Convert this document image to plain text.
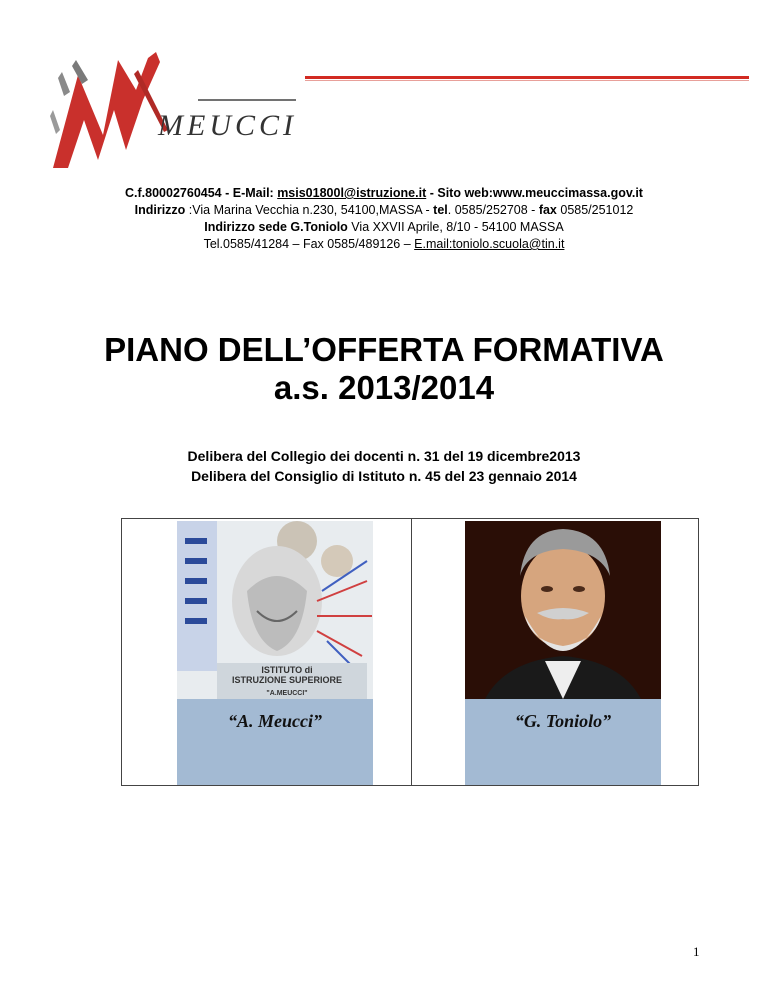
MEUCCI
C.f.80002760454 - E-Mail: msis01800l@istruzione.it - Sito web:www.meuccimassa.gov.it
Indirizzo :Via Marina Vecchia n.230, 54100,MASSA - tel. 0585/252708 - fax 0585/251012
Indirizzo sede G.Toniolo Via XXVII Aprile, 8/10 - 54100 MASSA
Tel.0585/41284 – Fax 0585/489126 – E.mail:toniolo.scuola@tin.it
PIANO DELL’OFFERTA FORMATIVA
a.s. 2013/2014
Delibera del Collegio dei docenti n. 31 del 19 dicembre2013
Delibera del Consiglio di Istituto n. 45 del 23 gennaio 2014
ISTITUTO di
ISTRUZIONE SUPERIORE
"A.MEUCCI"
“A. Meucci”	“G. Toniolo”
1
